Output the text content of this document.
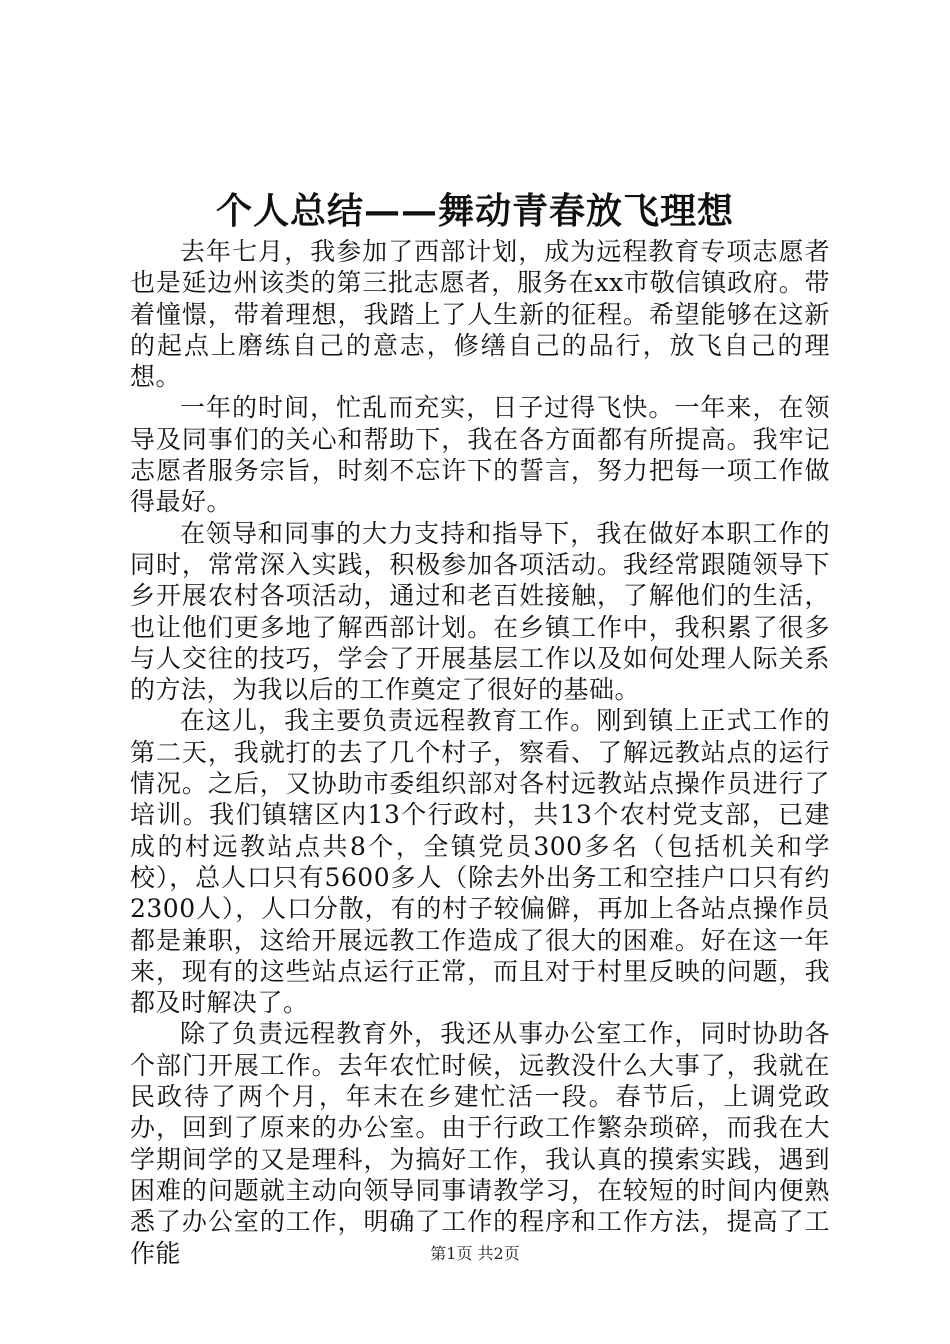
个人总结——舞动青春放飞理想

去年七月，我参加了西部计划，成为远程教育专项志愿者也是延边州该类的第三批志愿者，服务在xx市敬信镇政府。带着憧憬，带着理想，我踏上了人生新的征程。希望能够在这新的起点上磨练自己的意志，修缮自己的品行，放飞自己的理想。

一年的时间，忙乱而充实，日子过得飞快。一年来，在领导及同事们的关心和帮助下，我在各方面都有所提高。我牢记志愿者服务宗旨，时刻不忘许下的誓言，努力把每一项工作做得最好。

在领导和同事的大力支持和指导下，我在做好本职工作的同时，常常深入实践，积极参加各项活动。我经常跟随领导下乡开展农村各项活动，通过和老百姓接触，了解他们的生活，也让他们更多地了解西部计划。在乡镇工作中，我积累了很多与人交往的技巧，学会了开展基层工作以及如何处理人际关系的方法，为我以后的工作奠定了很好的基础。

在这儿，我主要负责远程教育工作。刚到镇上正式工作的第二天，我就打的去了几个村子，察看、了解远教站点的运行情况。之后，又协助市委组织部对各村远教站点操作员进行了培训。我们镇辖区内13个行政村，共13个农村党支部，已建成的村远教站点共8个，全镇党员300多名（包括机关和学校），总人口只有5600多人（除去外出务工和空挂户口只有约2300人），人口分散，有的村子较偏僻，再加上各站点操作员都是兼职，这给开展远教工作造成了很大的困难。好在这一年来，现有的这些站点运行正常，而且对于村里反映的问题，我都及时解决了。

除了负责远程教育外，我还从事办公室工作，同时协助各个部门开展工作。去年农忙时候，远教没什么大事了，我就在民政待了两个月，年末在乡建忙活一段。春节后，上调党政办，回到了原来的办公室。由于行政工作繁杂琐碎，而我在大学期间学的又是理科，为搞好工作，我认真的摸索实践，遇到困难的问题就主动向领导同事请教学习，在较短的时间内便熟悉了办公室的工作，明确了工作的程序和工作方法，提高了工作能	第1页 共2页
